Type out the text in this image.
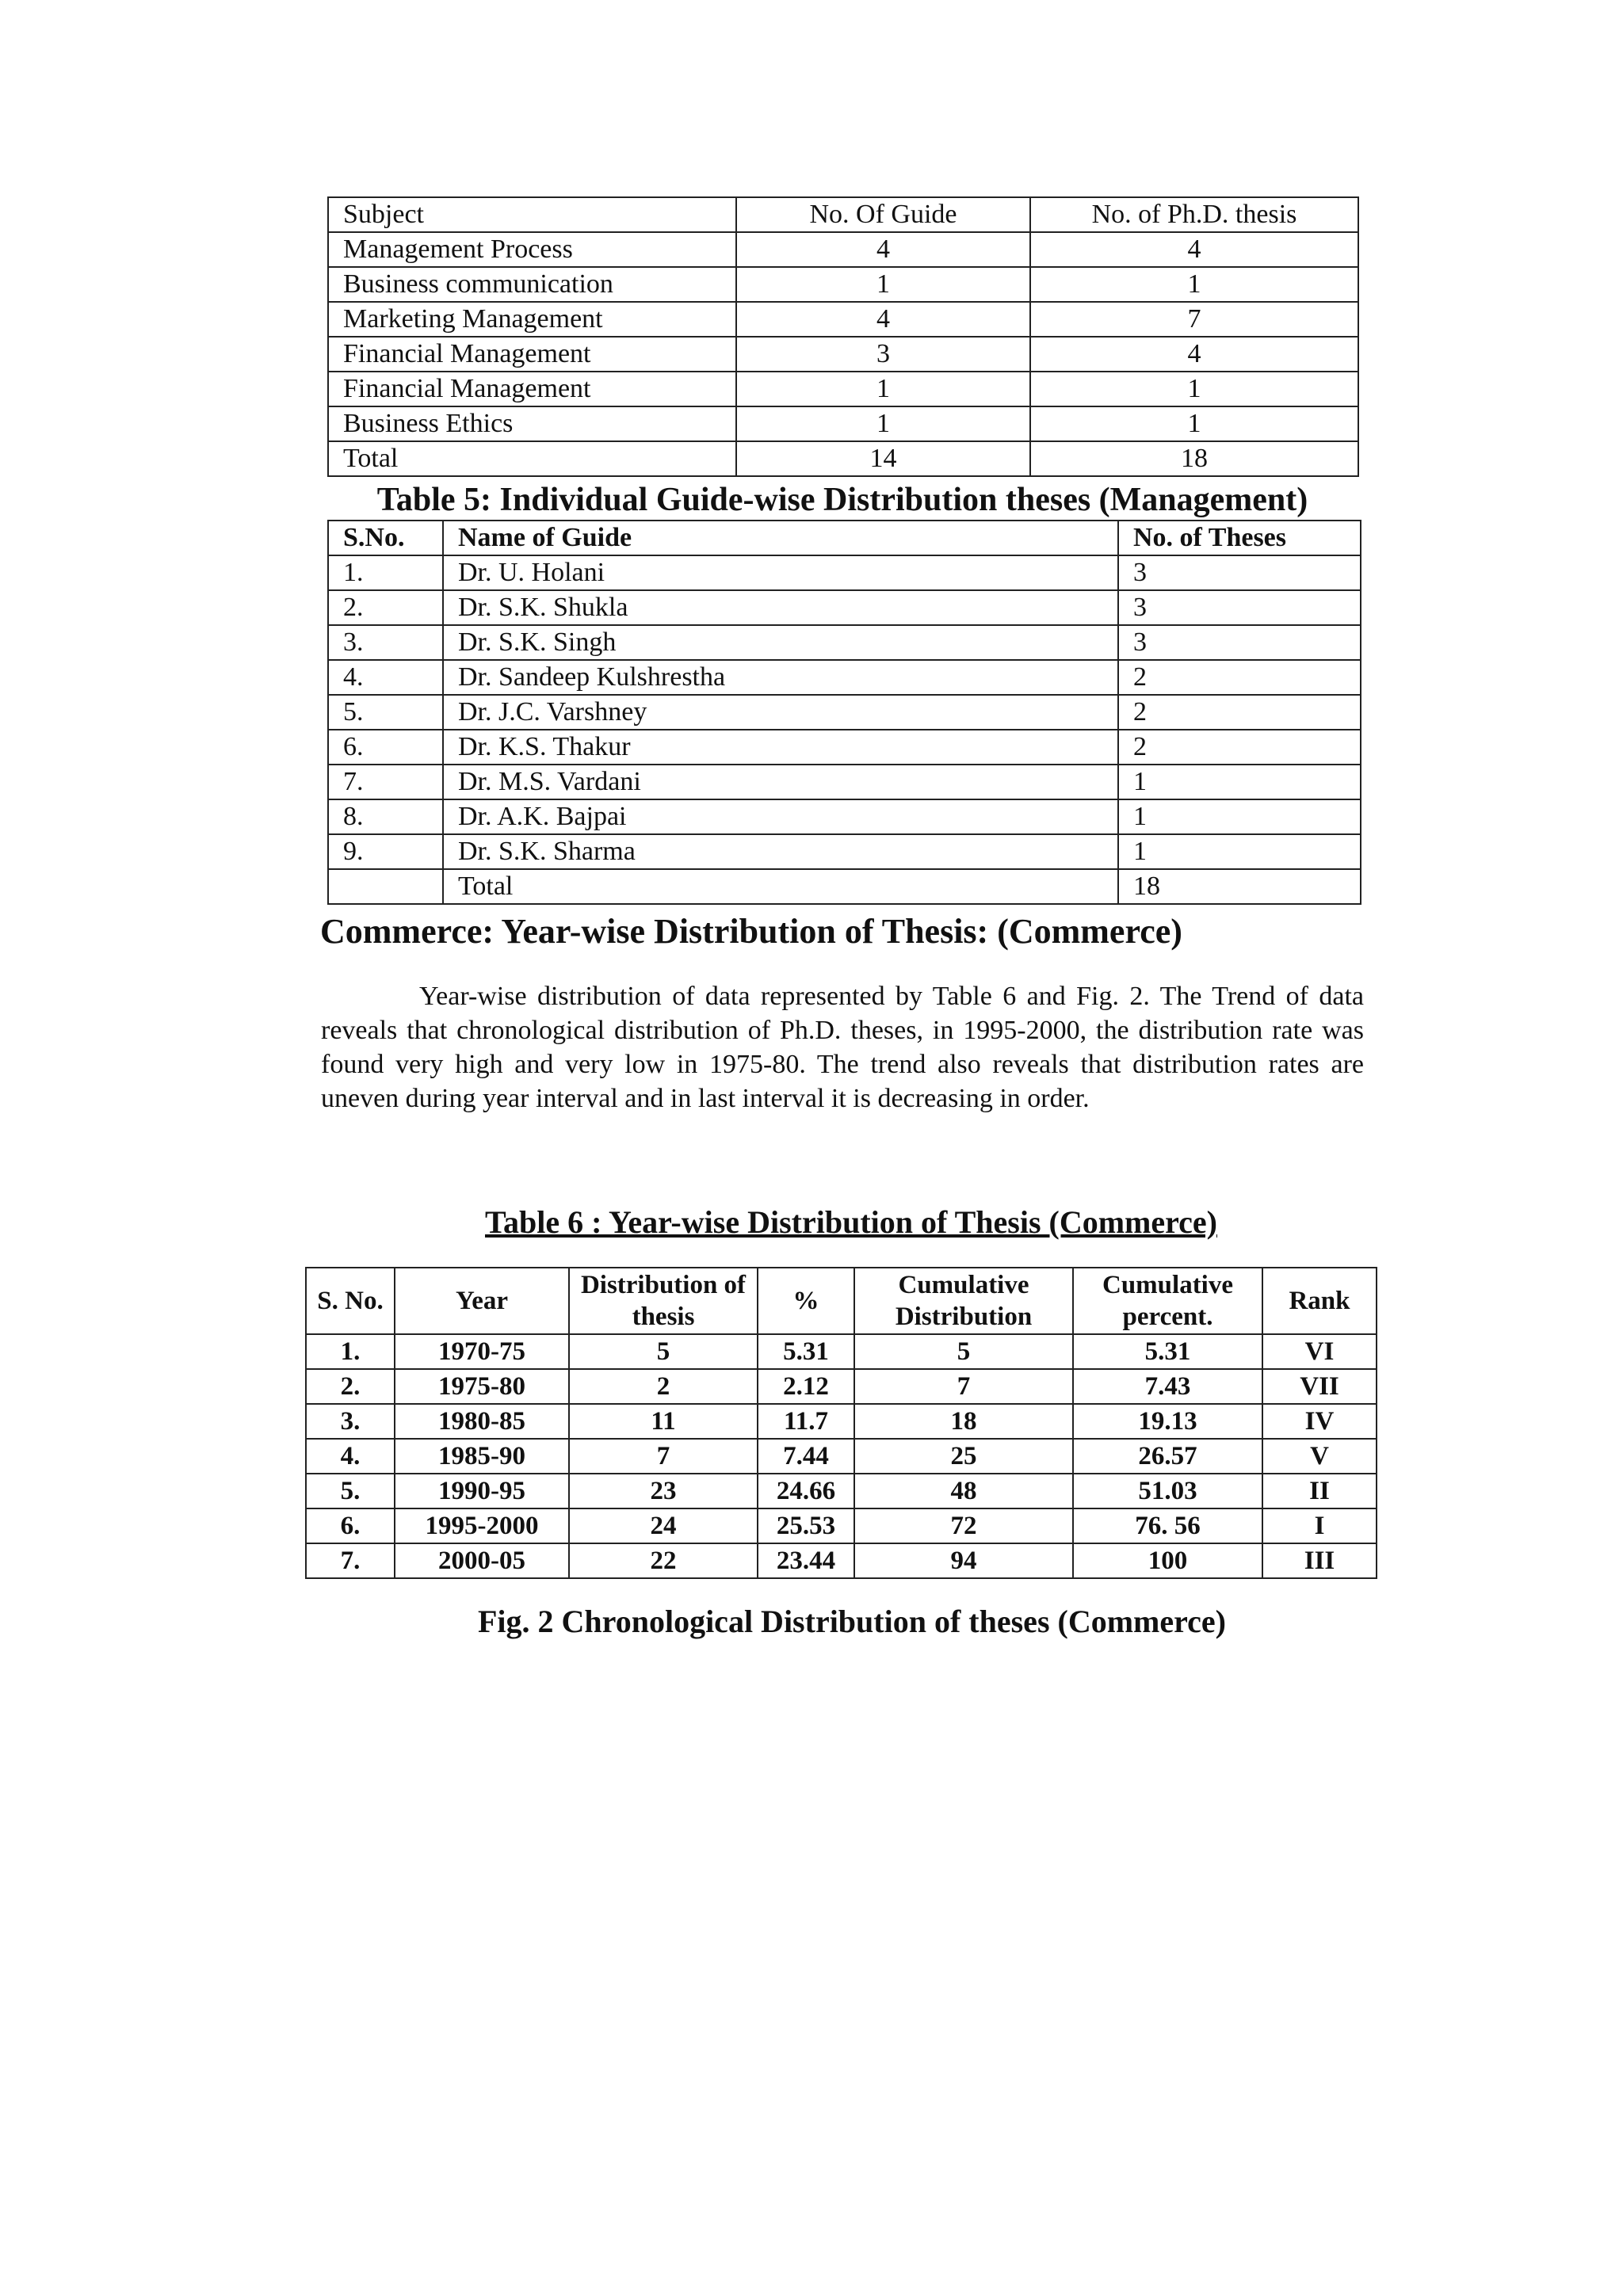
Subject	No. Of Guide	No. of Ph.D. thesis
Management Process	4	4
Business communication	1	1
Marketing Management	4	7
Financial Management	3	4
Financial Management	1	1
Business Ethics	1	1
Total	14	18
Table 5: Individual Guide-wise Distribution theses (Management)
S.No.	Name of Guide	No. of Theses
1.	Dr. U. Holani	3
2.	Dr. S.K. Shukla	3
3.	Dr. S.K. Singh	3
4.	Dr. Sandeep Kulshrestha	2
5.	Dr. J.C. Varshney	2
6.	Dr. K.S. Thakur	2
7.	Dr. M.S. Vardani	1
8.	Dr. A.K. Bajpai	1
9.	Dr. S.K. Sharma	1
	Total	18
Commerce: Year-wise Distribution of Thesis: (Commerce)

Year-wise distribution of data represented by Table 6 and Fig. 2. The Trend of data reveals that chronological distribution of Ph.D. theses, in 1995-2000, the distribution rate was found very high and very low in 1975-80. The trend also reveals that distribution rates are uneven during year interval and in last interval it is decreasing in order.

Table 6 : Year-wise Distribution of Thesis (Commerce)
S. No.	Year	Distribution of thesis	%	Cumulative Distribution	Cumulative percent.	Rank
1.	1970-75	5	5.31	5	5.31	VI
2.	1975-80	2	2.12	7	7.43	VII
3.	1980-85	11	11.7	18	19.13	IV
4.	1985-90	7	7.44	25	26.57	V
5.	1990-95	23	24.66	48	51.03	II
6.	1995-2000	24	25.53	72	76. 56	I
7.	2000-05	22	23.44	94	100	III
Fig. 2 Chronological Distribution of theses (Commerce)
